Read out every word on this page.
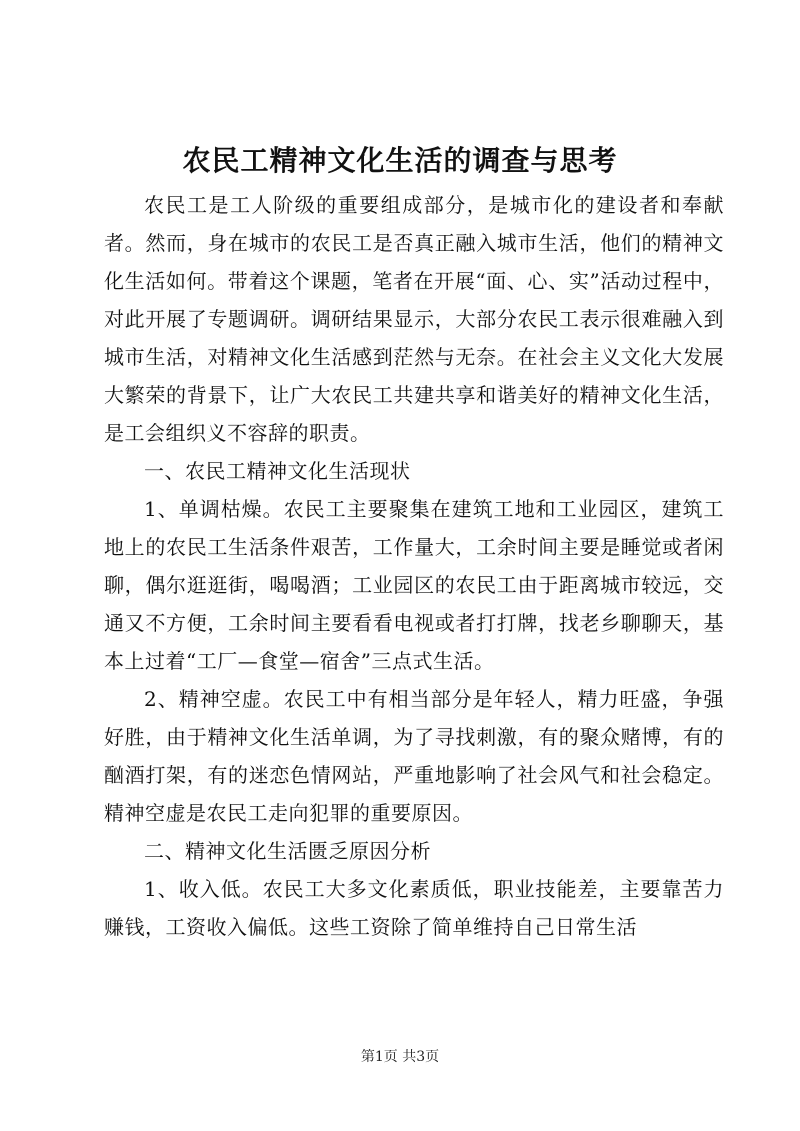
农民工精神文化生活的调查与思考

农民工是工人阶级的重要组成部分，是城市化的建设者和奉献者。然而，身在城市的农民工是否真正融入城市生活，他们的精神文化生活如何。带着这个课题，笔者在开展“面、心、实”活动过程中，对此开展了专题调研。调研结果显示，大部分农民工表示很难融入到城市生活，对精神文化生活感到茫然与无奈。在社会主义文化大发展大繁荣的背景下，让广大农民工共建共享和谐美好的精神文化生活，是工会组织义不容辞的职责。

一、农民工精神文化生活现状

1、单调枯燥。农民工主要聚集在建筑工地和工业园区，建筑工地上的农民工生活条件艰苦，工作量大，工余时间主要是睡觉或者闲聊，偶尔逛逛街，喝喝酒；工业园区的农民工由于距离城市较远，交通又不方便，工余时间主要看看电视或者打打牌，找老乡聊聊天，基本上过着“工厂—食堂—宿舍”三点式生活。

2、精神空虚。农民工中有相当部分是年轻人，精力旺盛，争强好胜，由于精神文化生活单调，为了寻找刺激，有的聚众赌博，有的酗酒打架，有的迷恋色情网站，严重地影响了社会风气和社会稳定。精神空虚是农民工走向犯罪的重要原因。

二、精神文化生活匮乏原因分析

1、收入低。农民工大多文化素质低，职业技能差，主要靠苦力赚钱，工资收入偏低。这些工资除了简单维持自己日常生活

第1页 共3页
